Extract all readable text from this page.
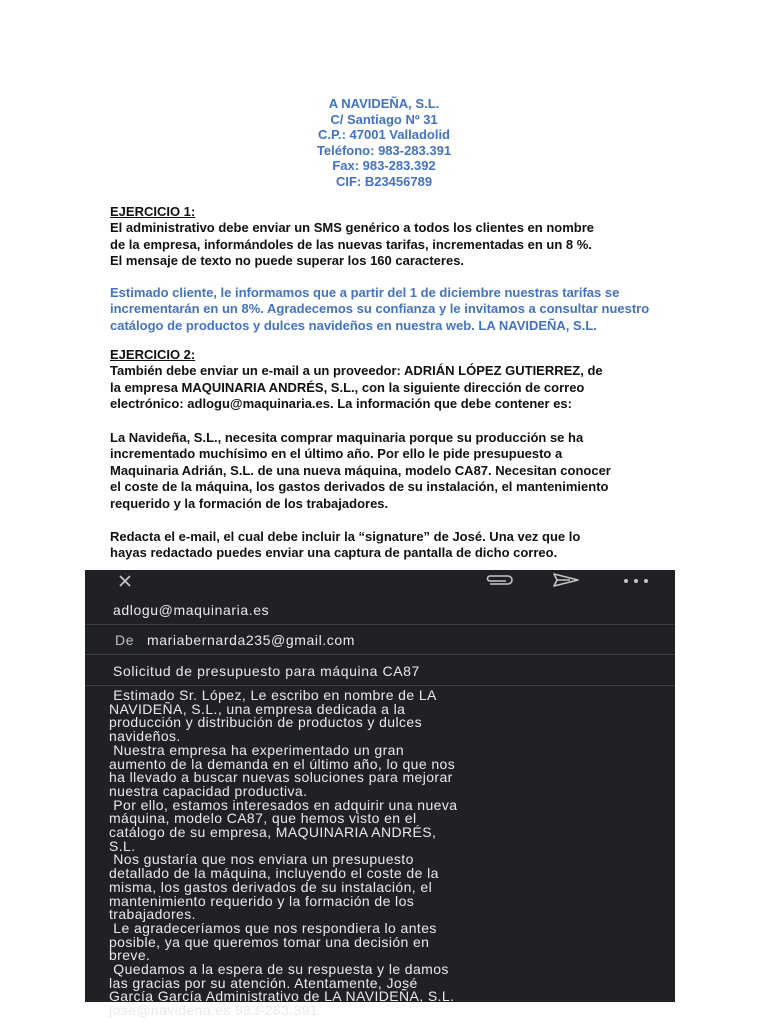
A NAVIDEÑA, S.L.
C/ Santiago Nº 31
C.P.: 47001 Valladolid
Teléfono: 983-283.391
Fax: 983-283.392
CIF: B23456789

EJERCICIO 1:

El administrativo debe enviar un SMS genérico a todos los clientes en nombre

de la empresa, informándoles de las nuevas tarifas, incrementadas en un 8 %.

El mensaje de texto no puede superar los 160 caracteres.

Estimado cliente, le informamos que a partir del 1 de diciembre nuestras tarifas se

incrementarán en un 8%. Agradecemos su confianza y le invitamos a consultar nuestro

catálogo de productos y dulces navideños en nuestra web. LA NAVIDEÑA, S.L.

EJERCICIO 2:

También debe enviar un e-mail a un proveedor: ADRIÁN LÓPEZ GUTIERREZ, de

la empresa MAQUINARIA ANDRÉS, S.L., con la siguiente dirección de correo

electrónico: adlogu@maquinaria.es. La información que debe contener es:

La Navideña, S.L., necesita comprar maquinaria porque su producción se ha

incrementado muchísimo en el último año. Por ello le pide presupuesto a

Maquinaria Adrián, S.L. de una nueva máquina, modelo CA87. Necesitan conocer

el coste de la máquina, los gastos derivados de su instalación, el mantenimiento

requerido y la formación de los trabajadores.

Redacta el e-mail, el cual debe incluir la “signature” de José. Una vez que lo

hayas redactado puedes enviar una captura de pantalla de dicho correo.

adlogu@maquinaria.es
De mariabernarda235@gmail.com
Solicitud de presupuesto para máquina CA87
Estimado Sr. López, Le escribo en nombre de LA
NAVIDEÑA, S.L., una empresa dedicada a la
producción y distribución de productos y dulces
navideños.
Nuestra empresa ha experimentado un gran
aumento de la demanda en el último año, lo que nos
ha llevado a buscar nuevas soluciones para mejorar
nuestra capacidad productiva.
Por ello, estamos interesados en adquirir una nueva
máquina, modelo CA87, que hemos visto en el
catálogo de su empresa, MAQUINARIA ANDRÉS,
S.L.
Nos gustaría que nos enviara un presupuesto
detallado de la máquina, incluyendo el coste de la
misma, los gastos derivados de su instalación, el
mantenimiento requerido y la formación de los
trabajadores.
Le agradeceríamos que nos respondiera lo antes
posible, ya que queremos tomar una decisión en
breve.
Quedamos a la espera de su respuesta y le damos
las gracias por su atención. Atentamente, José
García García Administrativo de LA NAVIDEÑA, S.L.
jose@navidena.es 983-283.391
